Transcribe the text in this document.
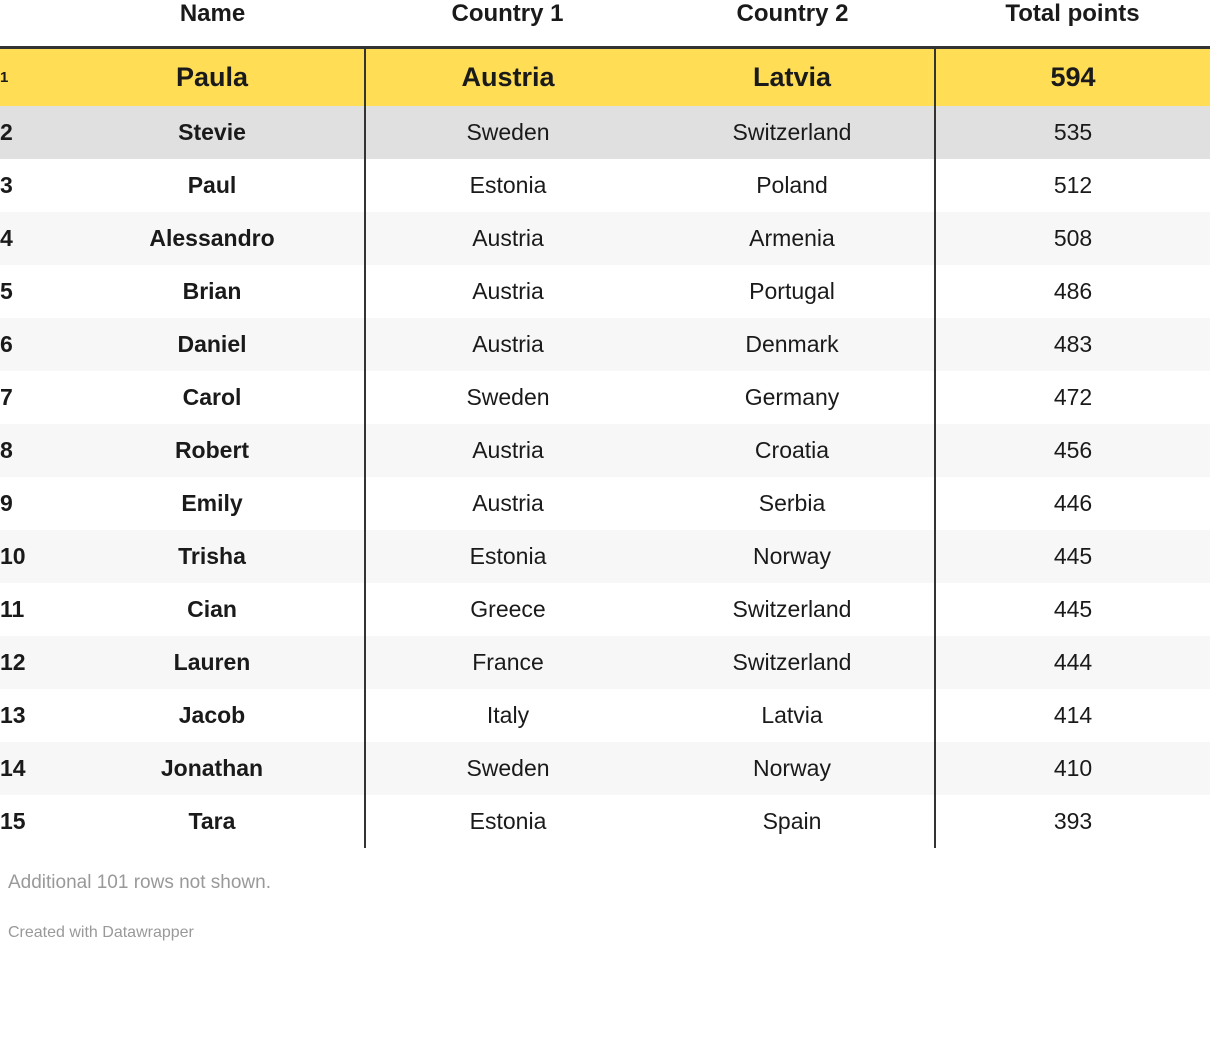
	Name	Country 1	Country 2	Total points
1	Paula	Austria	Latvia	594
2	Stevie	Sweden	Switzerland	535
3	Paul	Estonia	Poland	512
4	Alessandro	Austria	Armenia	508
5	Brian	Austria	Portugal	486
6	Daniel	Austria	Denmark	483
7	Carol	Sweden	Germany	472
8	Robert	Austria	Croatia	456
9	Emily	Austria	Serbia	446
10	Trisha	Estonia	Norway	445
11	Cian	Greece	Switzerland	445
12	Lauren	France	Switzerland	444
13	Jacob	Italy	Latvia	414
14	Jonathan	Sweden	Norway	410
15	Tara	Estonia	Spain	393
Additional 101 rows not shown.
Created with Datawrapper
